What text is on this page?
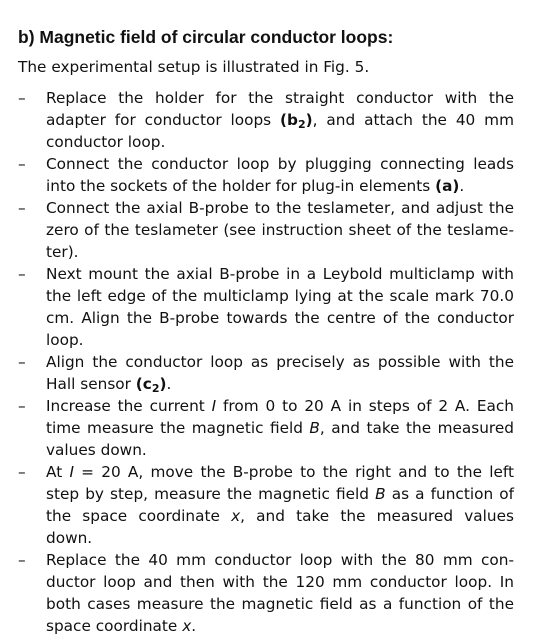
b) Magnetic field of circular conductor loops:
The experimental setup is illustrated in Fig. 5.
–	Replace the holder for the straight conductor with the adapter for conductor loops $(b_2)$, and attach the 40 mm conductor loop.
–	Connect the conductor loop by plugging connecting leads into the sockets of the holder for plug-in elements (a).
–	Connect the axial B-probe to the teslameter, and adjust the zero of the teslameter (see instruction sheet of the teslameter).
–	Next mount the axial B-probe in a Leybold multiclamp with the left edge of the multiclamp lying at the scale mark 70.0 cm. Align the B-probe towards the centre of the conductor loop.
–	Align the conductor loop as precisely as possible with the Hall sensor $(c_2)$.
–	Increase the current I from 0 to 20 A in steps of 2 A. Each time measure the magnetic field B, and take the measured values down.
–	At I = 20 A, move the B-probe to the right and to the left step by step, measure the magnetic field B as a function of the space coordinate x, and take the measured values down.
–	Replace the 40 mm conductor loop with the 80 mm conductor loop and then with the 120 mm conductor loop. In both cases measure the magnetic field as a function of the space coordinate x.
